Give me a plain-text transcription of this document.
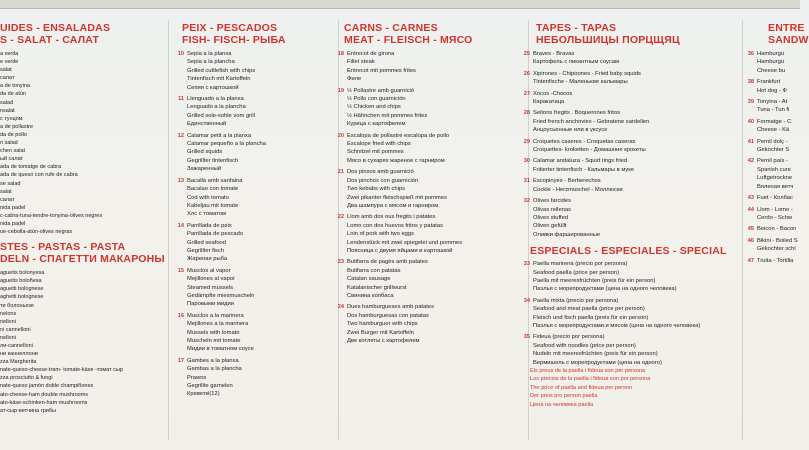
UIDES - ENSALADAS
S - SALAT - САЛАТ
a verda
e verde
salat
салат
a de tonyina
da de atún
salad
nsalat
с тунцом
a de pollastre
da de pollo
n salad
chen salat
ый салат
ada de tomatge de cabra
ada de queso con rufe de cabra
se salad
salat
салат
nida padel
с-cabra-tuna-tendre-tonyina-olives negres
nida padel
ue-cebolla-atún-olives negras
STES - PASTAS - PASTA
DELN - СПАГЕТТИ МАКАРОНЫ
aguetis bolonyesa
aguetis boloñesa
aguetti bolognese
aghetti bolognese
ти болоньезе
nelons
nelloni
ni cannelloni
nelloni
ли-cannelloni
ни каннеллони
zza Margherita
nate-queso-cheese-tram- tomate-käse -томат сыр
zza prosciutto & fungi
nate-queso jamón doble champiñones
ato-cheese-ham double mushrooms
ato-käse-schinken-ham mushrooms
ат-сыр-ветчина грибы
PEIX - PESCADOS
FISH- FISCH- РЫБА
10 Sepia a la planxa
Sepia a la plancha
Grilled cuttlefish with chips
Tintenfisch mit Kartoffeln
Сепия с картошкой
11 Llenguado a la planxa
Lenguado a la plancha
Grilled sole-sohle vom grill
Единственный
12 Calamar petit a la planxa
Calamar pequeño a la plancha
Grilled squids
Gegrillter tintenfisch
Зажаренный
13 Bacallà amb sanfaina
Bacalao con tomate
Cod with tomato
Kabeljau mit tomate
Хлс с томатом
14 Parrillada de peix
Parrillada de pescado
Grilled seafood
Gegrillter fisch
Жареная рыба
15 Musclos al vapor
Mejillones al vapor
Steamed mussels
Gedämpfte miesmuscheln
Паровыми мидии
16 Musclos a la marinera
Mejillones a la marinera
Mussels with tomato
Muscheln mit tomate
Мидии в томатном соусе
17 Gambes a la planxa
Gambas a la plancha
Prawns
Gegrillte garnelen
Креветкi(12)
CARNS - CARNES
MEAT - FLEISCH - МЯСО
18 Entrecot de girona
Fillet steak
Entrecot mit pommes frites
Филе
19 ½ Pollastre amb guarnició
½ Pollo con guarnición
½ Chicken and chips
½ Hähnchen mit pommes frites
Курица с картофелем
20 Escalopa de pollastre escalopa de pollo
Escalope fried with chips
Schnitzel mit pommes
Мясо в сухарях жареное с гарниром
21 Dos pinxos amb guarnició
Dos pinchos con guarnición
Two kebabs with chips
Zwei pikanter fleischspieß mit pommes
Два шампура с мясом и гарниром
22 Llom amb dos ous fregits i patates
Lomo con dos huevos fritos y patatas
Loin of pork with two eggs
Lendenstück mit zwei spiegelei und pommes
Поясница с двумя яйцами и картошкой
23 Butifarra de pagès amb patates
Butifarra con patatas
Catalan sausage
Katalanischer grillwurst
Свинина колбаса
24 Dues hamburgueses amb patates
Dos hamburguesas con patatas
Two hamburguer with chips
Zwei Burger mit Kartoffeln
Две котлеты с картофелем
TAPES - TAPAS
НЕБОЛЬШИЦЫ ПОРЦЩЯЦ
25 Braves - Bravas
Картофель с пикантным соусам
26 Xipirones - Chipirones - Fried baby squids
Tintenfische - Маленькие кальмары
27 Xocos -Chocos
Каракатица
28 Seitons fregits . Boquerones fritos
Fried french anchovies - Gebratene sardellen
Анцоусьенные или в уксусе
29 Croquetes caseres - Croquetas caseras
Croquettes- kroketten - Домашние крокеты
30 Calamar andaluza - Squid rings fried
Fritierter tintenfisch - Кальмары в муке
31 Escopinyes - Berberechos
Cockle - Herzmuschel - Моллюски
32 Olives farcides
Olivas rellenas
Olives stuffed
Oliven gefüllt
Оливки фаршированные
ESPECIALS - ESPECIALES - SPECIAL
33 Paella marinera (precio por persona)
Seafood paella (price per person)
Paella mit meeresfrüchten (preis für ein person)
Паэлья с морепродуктами (цена на одного человека)
34 Paella mixta (precio por persona)
Seafood and meat paella (price per person)
Fleisch und fisch paella (preis für ein person)
Паэлья с морепродуктами и мясом (цена на одного человека)
35 Fideua (precio por persona)
Seafood with noodles (price per person)
Nudeln mit meeresfrüchten (preis für ein person)
Вермишель с морепродуктами (цена на одного)
Els preus de la paella i fideua son per persona
Los precios de la paella i fideua son por persona
The price of paella and fideua per person
Der preis pro person paella
Цена на человека paella
ENTRE
SANDW
36 Hamburgu
Hamburgu
Cheese bu
38 Frankfurt
Hot dog - Ф
39 Tonyina - At
Tuna - Tun fi
40 Formatge - C
Cheese - Kä
41 Pernil dolç -
Gekochter S
42 Pernil païs -
Spanish cure
Luftgetrockne
Вяленая ветч
43 Fuet - Колбас
44 Llom - Lomo -
Cerdo - Schw
45 Beicon - Bacon
46 Bikini - Boiled S
Gekochter schi
47 Truita - Tortilla
